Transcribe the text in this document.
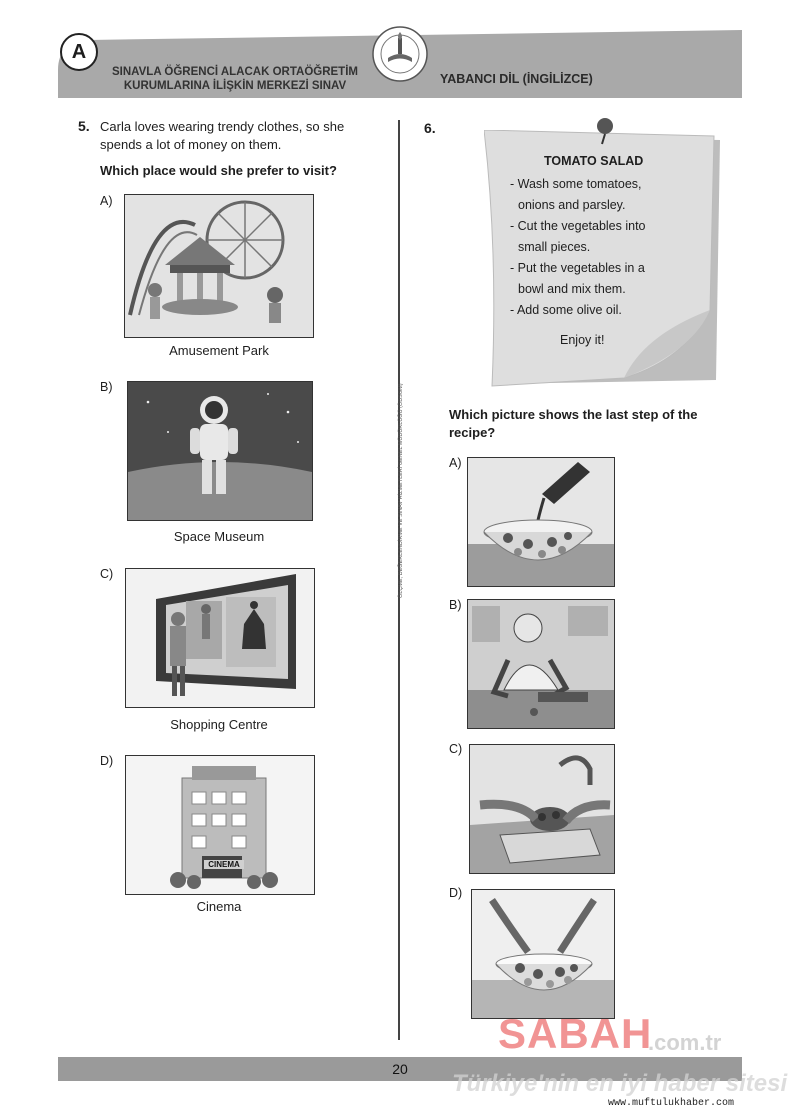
A
SINAVLA ÖĞRENCİ ALACAK ORTAÖĞRETİM
KURUMLARINA İLİŞKİN MERKEZİ SINAV	YABANCI DİL (İNGİLİZCE)
ÖLÇME, DEĞERLENDİRME VE SINAV HİZMETLERİ GENEL MÜDÜRLÜĞÜ (ÖDSGM)
5. Carla loves wearing trendy clothes, so she
spends a lot of money on them.
Which place would she prefer to visit?
A)
Amusement Park
B)
Space Museum
C)
Shopping Centre
D)
CINEMA
Cinema
6.
TOMATO SALAD
- Wash some tomatoes,
onions and parsley.
- Cut the vegetables into
small pieces.
- Put the vegetables in a
bowl and mix them.
- Add some olive oil.
Enjoy it!
Which picture shows the last step of the
recipe?
A)
B)
C)
D)
20
SABAH
.com.tr
Türkiye'nin en iyi haber sitesi
www.muftulukhaber.com
